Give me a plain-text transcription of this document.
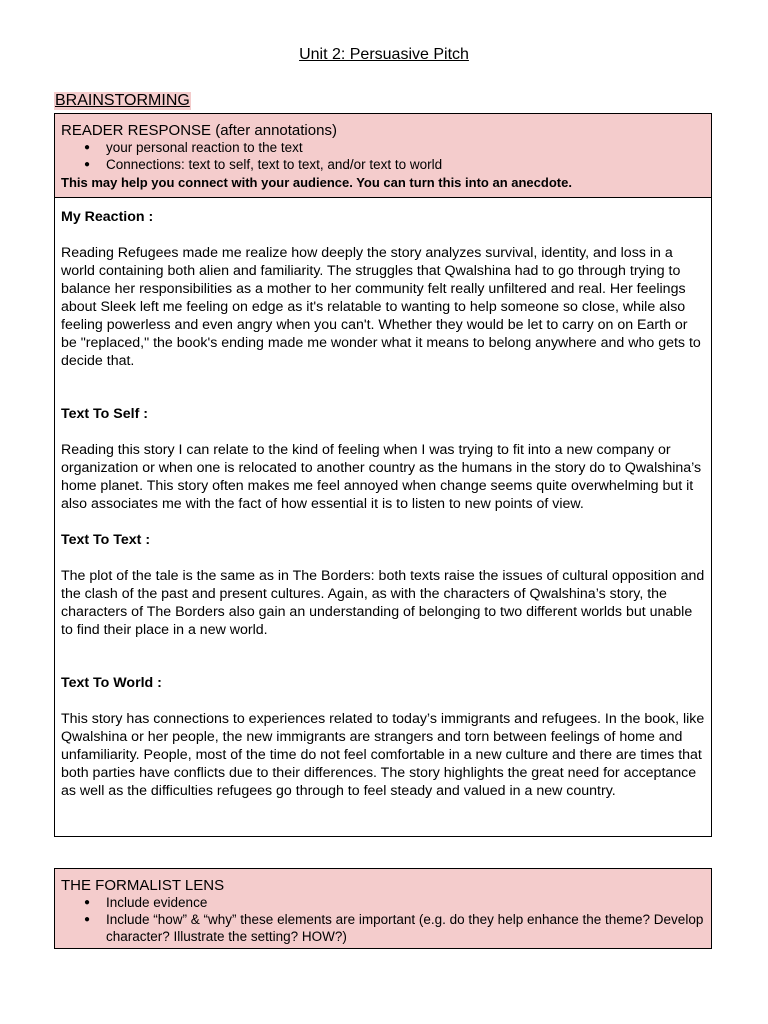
Unit 2: Persuasive Pitch
BRAINSTORMING
READER RESPONSE (after annotations)
● your personal reaction to the text
● Connections: text to self, text to text, and/or text to world
This may help you connect with your audience. You can turn this into an anecdote.

My Reaction :

Reading Refugees made me realize how deeply the story analyzes survival, identity, and loss in a world containing both alien and familiarity. The struggles that Qwalshina had to go through trying to balance her responsibilities as a mother to her community felt really unfiltered and real. Her feelings about Sleek left me feeling on edge as it's relatable to wanting to help someone so close, while also feeling powerless and even angry when you can't. Whether they would be let to carry on on Earth or be "replaced," the book's ending made me wonder what it means to belong anywhere and who gets to decide that.

Text To Self :

Reading this story I can relate to the kind of feeling when I was trying to fit into a new company or organization or when one is relocated to another country as the humans in the story do to Qwalshina’s home planet. This story often makes me feel annoyed when change seems quite overwhelming but it also associates me with the fact of how essential it is to listen to new points of view.

Text To Text :

The plot of the tale is the same as in The Borders: both texts raise the issues of cultural opposition and the clash of the past and present cultures. Again, as with the characters of Qwalshina’s story, the characters of The Borders also gain an understanding of belonging to two different worlds but unable to find their place in a new world.

Text To World :

This story has connections to experiences related to today’s immigrants and refugees. In the book, like Qwalshina or her people, the new immigrants are strangers and torn between feelings of home and unfamiliarity. People, most of the time do not feel comfortable in a new culture and there are times that both parties have conflicts due to their differences. The story highlights the great need for acceptance as well as the difficulties refugees go through to feel steady and valued in a new country.

THE FORMALIST LENS
● Include evidence
● Include “how” & “why” these elements are important (e.g. do they help enhance the theme? Develop character? Illustrate the setting? HOW?)
